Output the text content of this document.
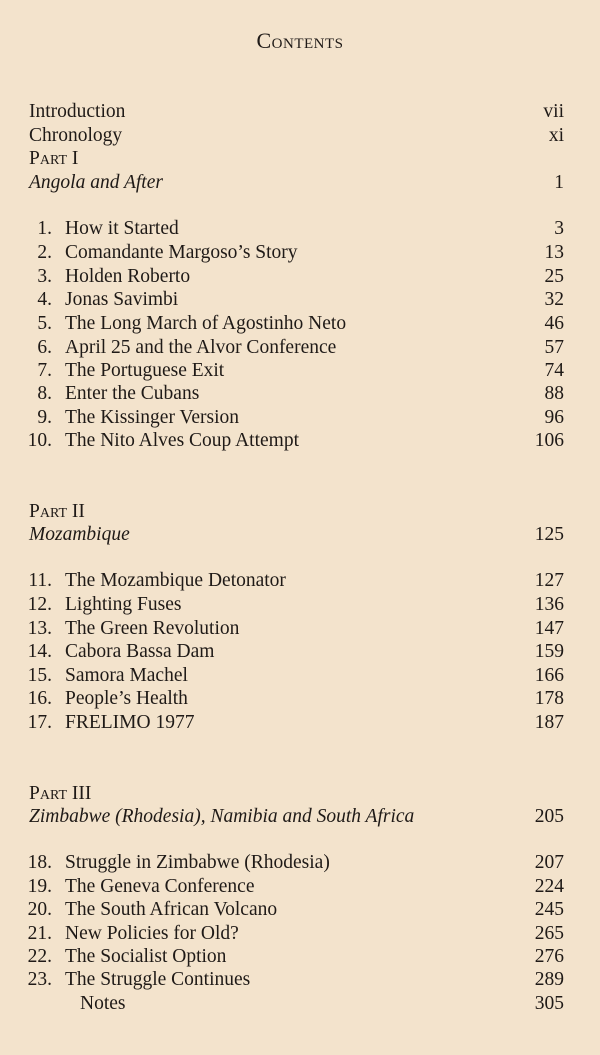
Contents
Introduction	vii
Chronology	xi
Part I
Angola and After	1
1. How it Started	3
2. Comandante Margoso’s Story	13
3. Holden Roberto	25
4. Jonas Savimbi	32
5. The Long March of Agostinho Neto	46
6. April 25 and the Alvor Conference	57
7. The Portuguese Exit	74
8. Enter the Cubans	88
9. The Kissinger Version	96
10. The Nito Alves Coup Attempt	106
Part II
Mozambique	125
11. The Mozambique Detonator	127
12. Lighting Fuses	136
13. The Green Revolution	147
14. Cabora Bassa Dam	159
15. Samora Machel	166
16. People’s Health	178
17. FRELIMO 1977	187
Part III
Zimbabwe (Rhodesia), Namibia and South Africa	205
18. Struggle in Zimbabwe (Rhodesia)	207
19. The Geneva Conference	224
20. The South African Volcano	245
21. New Policies for Old?	265
22. The Socialist Option	276
23. The Struggle Continues	289
Notes	305
